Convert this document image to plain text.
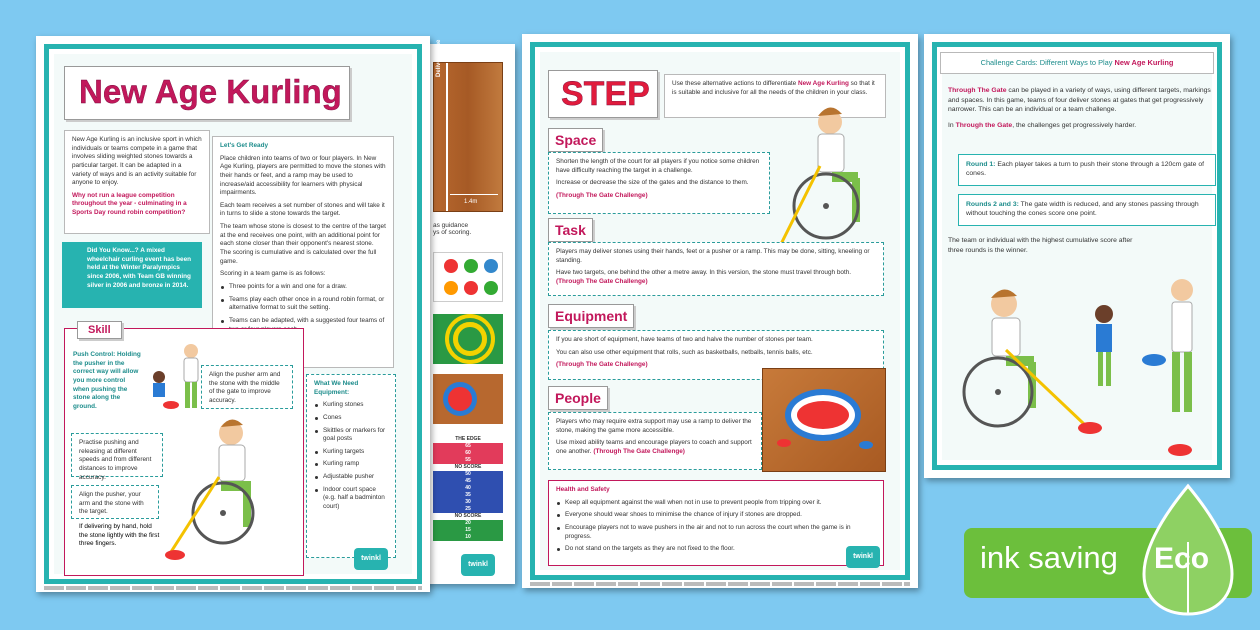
Delivery Line
1.4m
as guidance
ys of scoring.
THE EDGE
65
60
55
NO SCORE
50
45
40
35
30
25
NO SCORE
20
15
10
twinkl
New Age Kurling

New Age Kurling is an inclusive sport in which individuals or teams compete in a game that involves sliding weighted stones towards a particular target. It can be adapted in a variety of ways and is an activity suitable for anyone to enjoy.

Why not run a league competition throughout the year - culminating in a Sports Day round robin competition?

Let's Get Ready

Place children into teams of two or four players. In New Age Kurling, players are permitted to move the stones with their hands or feet, and a ramp may be used to increase/aid accessibility for learners with physical impairments.

Each team receives a set number of stones and will take it in turns to slide a stone towards the target.

The team whose stone is closest to the centre of the target at the end receives one point, with an additional point for each stone closer than their opponent's nearest stone. The scoring is cumulative and is calculated over the full game.

Scoring in a team game is as follows:

Three points for a win and one for a draw.
Teams play each other once in a round robin format, or alternative format to suit the setting.
Teams can be adapted, with a suggested four teams of
Did You Know...? A mixed wheelchair curling event has been held at the Winter Paralympics since 2006, with Team GB winning silver in 2006 and bronze in 2014.
Skill
Push Control: Holding the pusher in the correct way will allow you more control when pushing the stone along the ground.
Align the pusher arm and the stone with the middle of the gate to improve accuracy.
Practise pushing and releasing at different speeds and from different distances to improve accuracy.
Align the pusher, your arm and the stone with the target.
If delivering by hand, hold the stone lightly with the first three fingers.

What We Need Equipment:

Kurling stones
Cones
Skittles or markers for goal posts
Kurling targets
Kurling ramp
Adjustable pusher
Indoor court space (e.g. half a badminton court)
twinkl
STEP	Use these alternative actions to differentiate New Age Kurling so that it is suitable and inclusive for all the needs of the children in your class.
Space

Shorten the length of the court for all players if you notice some children have difficulty reaching the target in a challenge.

Increase or decrease the size of the gates and the distance to them.

(Through The Gate Challenge)

Task

Players may deliver stones using their hands, feet or a pusher or a ramp. This may be done, sitting, kneeling or standing.

Have two targets, one behind the other a metre away. In this version, the stone must travel through both. (Through The Gate Challenge)

Equipment

If you are short of equipment, have teams of two and halve the number of stones per team.

You can also use other equipment that rolls, such as basketballs, netballs, tennis balls, etc.

(Through The Gate Challenge)

People

Players who may require extra support may use a ramp to deliver the stone, making the game more accessible.

Use mixed ability teams and encourage players to coach and support one another. (Through The Gate Challenge)

Health and Safety

Keep all equipment against the wall when not in use to prevent people from tripping over it.
Everyone should wear shoes to minimise the chance of injury if stones are dropped.
Encourage players not to wave pushers in the air and not to run across the court when the game is in progress.
Do not stand on the targets as they are not fixed to the floor.
twinkl
Challenge Cards: Different Ways to Play New Age Kurling

Through The Gate can be played in a variety of ways, using different targets, markings and spaces. In this game, teams of four deliver stones at gates that get progressively narrower. This can be an individual or a team challenge.

In Through the Gate, the challenges get progressively harder.

Round 1: Each player takes a turn to push their stone through a 120cm gate of cones.
Rounds 2 and 3: The gate width is reduced, and any stones passing through without touching the cones score one point.
The team or individual with the highest cumulative score after three rounds is the winner.
ink saving Eco
